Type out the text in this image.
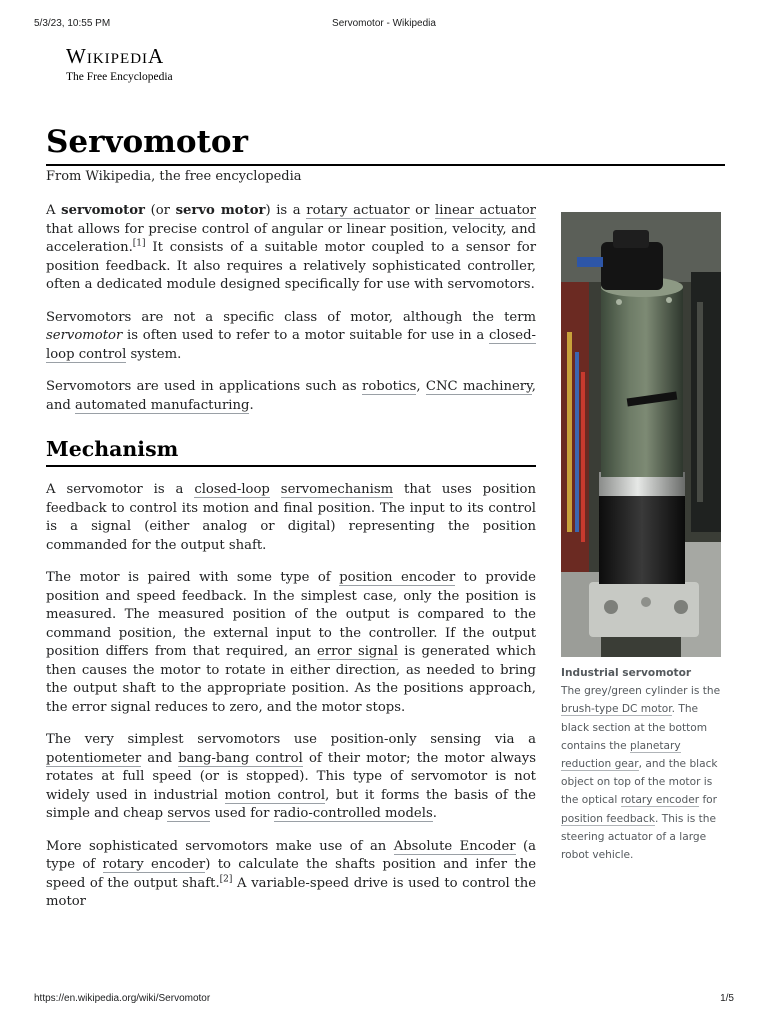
5/3/23, 10:55 PM	Servomotor - Wikipedia
WIKIPEDIA
The Free Encyclopedia
Servomotor
From Wikipedia, the free encyclopedia

A servomotor (or servo motor) is a rotary actuator or linear actuator that allows for precise control of angular or linear position, velocity, and acceleration.[1] It consists of a suitable motor coupled to a sensor for position feedback. It also requires a relatively sophisticated controller, often a dedicated module designed specifically for use with servomotors.

Servomotors are not a specific class of motor, although the term servomotor is often used to refer to a motor suitable for use in a closed-loop control system.

Servomotors are used in applications such as robotics, CNC machinery, and automated manufacturing.

Mechanism

A servomotor is a closed-loop servomechanism that uses position feedback to control its motion and final position. The input to its control is a signal (either analog or digital) representing the position commanded for the output shaft.

The motor is paired with some type of position encoder to provide position and speed feedback. In the simplest case, only the position is measured. The measured position of the output is compared to the command position, the external input to the controller. If the output position differs from that required, an error signal is generated which then causes the motor to rotate in either direction, as needed to bring the output shaft to the appropriate position. As the positions approach, the error signal reduces to zero, and the motor stops.

The very simplest servomotors use position-only sensing via a potentiometer and bang-bang control of their motor; the motor always rotates at full speed (or is stopped). This type of servomotor is not widely used in industrial motion control, but it forms the basis of the simple and cheap servos used for radio-controlled models.

More sophisticated servomotors make use of an Absolute Encoder (a type of rotary encoder) to calculate the shafts position and infer the speed of the output shaft.[2] A variable-speed drive is used to control the motor

Industrial servomotor
The grey/green cylinder is the brush-type DC motor. The black section at the bottom contains the planetary reduction gear, and the black object on top of the motor is the optical rotary encoder for position feedback. This is the steering actuator of a large robot vehicle.
https://en.wikipedia.org/wiki/Servomotor	1/5
